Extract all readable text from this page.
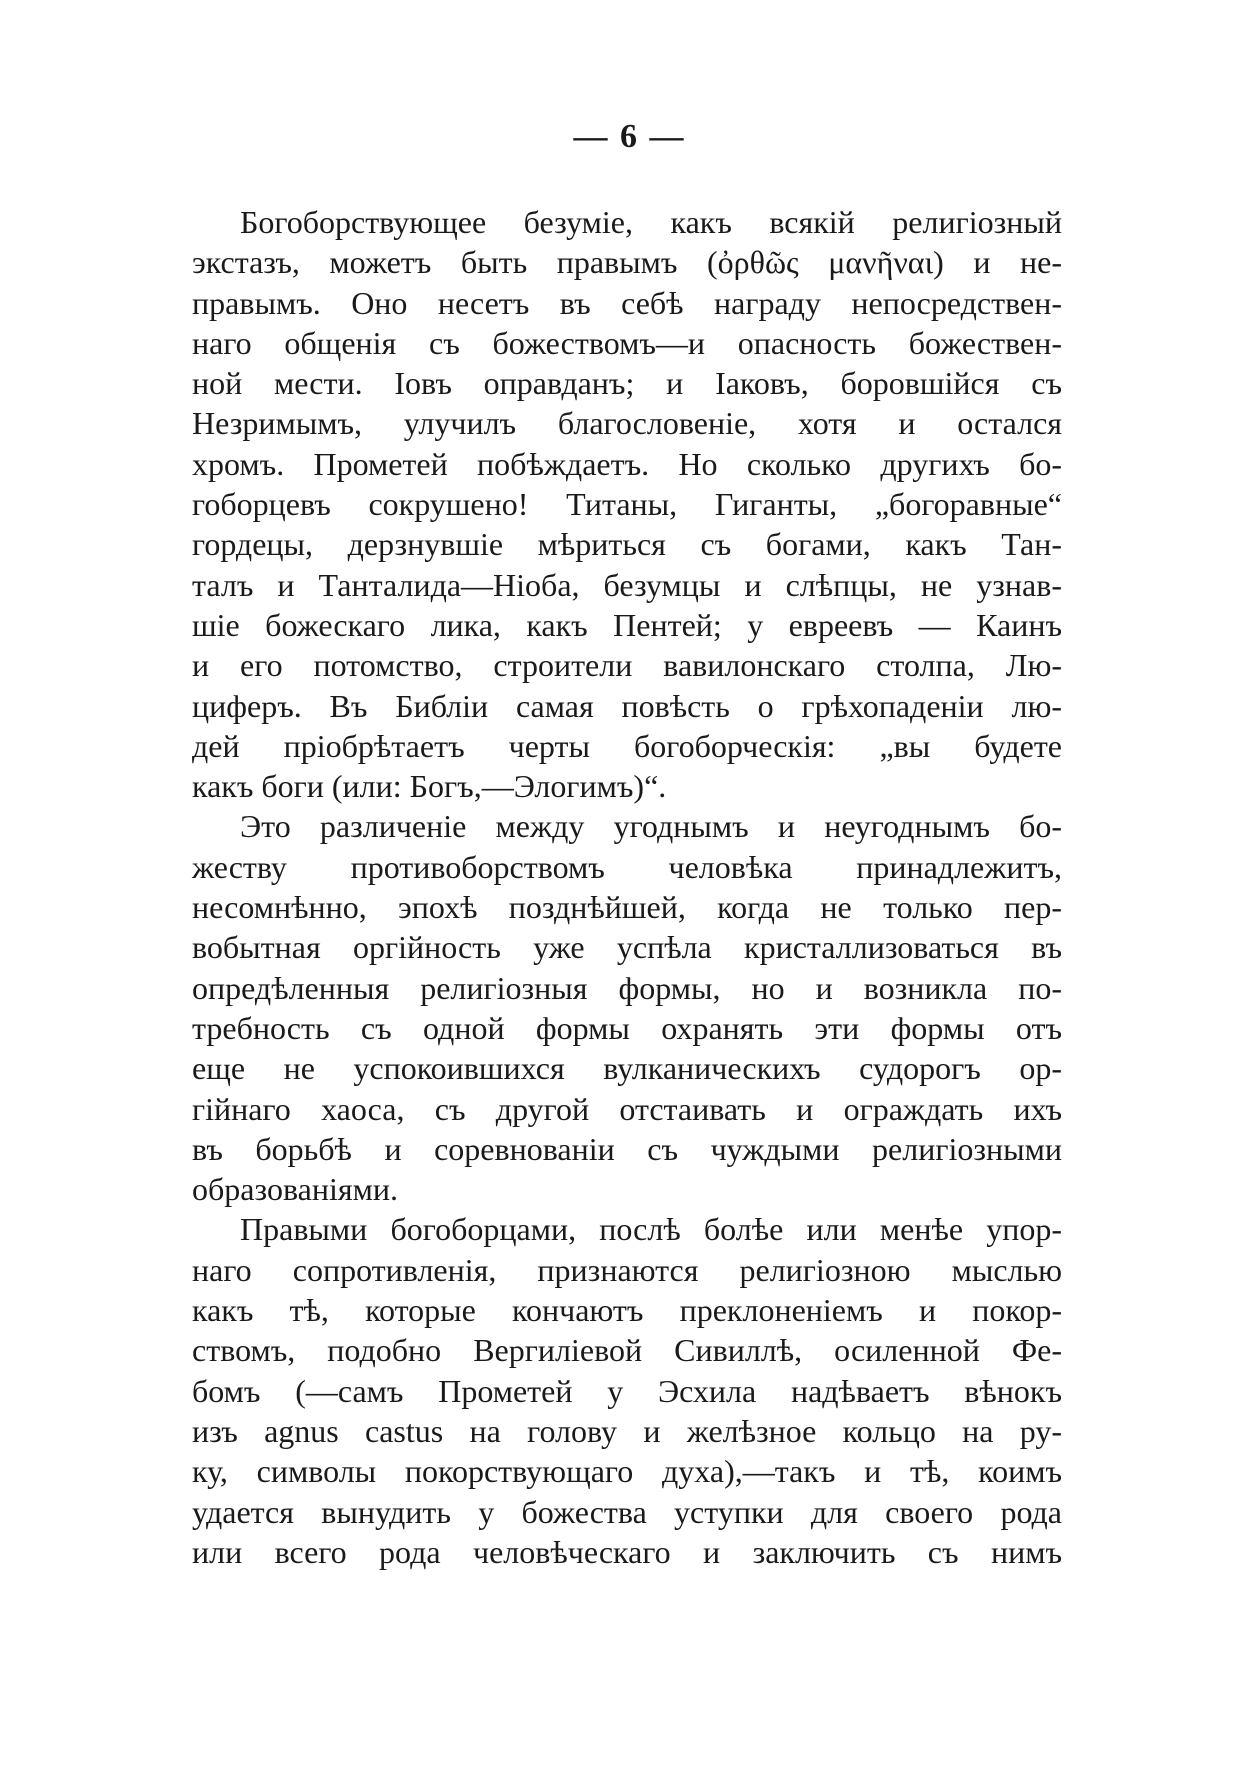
— 6 —
Богоборствующее безуміе, какъ всякій религіозный
экстазъ, можетъ быть правымъ (ὀρθῶς μανῆναι) и не-
правымъ. Оно несетъ въ себѣ награду непосредствен-
наго общенія съ божествомъ—и опасность божествен-
ной мести. Іовъ оправданъ; и Іаковъ, боровшійся съ
Незримымъ, улучилъ благословеніе, хотя и остался
хромъ. Прометей побѣждаетъ. Но сколько другихъ бо-
гоборцевъ сокрушено! Титаны, Гиганты, „богоравные“
гордецы, дерзнувшіе мѣриться съ богами, какъ Тан-
талъ и Танталида—Ніоба, безумцы и слѣпцы, не узнав-
шіе божескаго лика, какъ Пентей; у евреевъ — Каинъ
и его потомство, строители вавилонскаго столпа, Лю-
циферъ. Въ Библіи самая повѣсть о грѣхопаденіи лю-
дей пріобрѣтаетъ черты богоборческія: „вы будете
какъ боги (или: Богъ,—Элогимъ)“.
Это различеніе между угоднымъ и неугоднымъ бо-
жеству противоборствомъ человѣка принадлежитъ,
несомнѣнно, эпохѣ позднѣйшей, когда не только пер-
вобытная оргійность уже успѣла кристаллизоваться въ
опредѣленныя религіозныя формы, но и возникла по-
требность съ одной формы охранять эти формы отъ
еще не успокоившихся вулканическихъ судорогъ ор-
гійнаго хаоса, съ другой отстаивать и ограждать ихъ
въ борьбѣ и соревнованіи съ чуждыми религіозными
образованіями.
Правыми богоборцами, послѣ болѣе или менѣе упор-
наго сопротивленія, признаются религіозною мыслью
какъ тѣ, которые кончаютъ преклоненіемъ и покор-
ствомъ, подобно Вергиліевой Сивиллѣ, осиленной Фе-
бомъ (—самъ Прометей у Эсхила надѣваетъ вѣнокъ
изъ agnus castus на голову и желѣзное кольцо на ру-
ку, символы покорствующаго духа),—такъ и тѣ, коимъ
удается вынудить у божества уступки для своего рода
или всего рода человѣческаго и заключить съ нимъ
